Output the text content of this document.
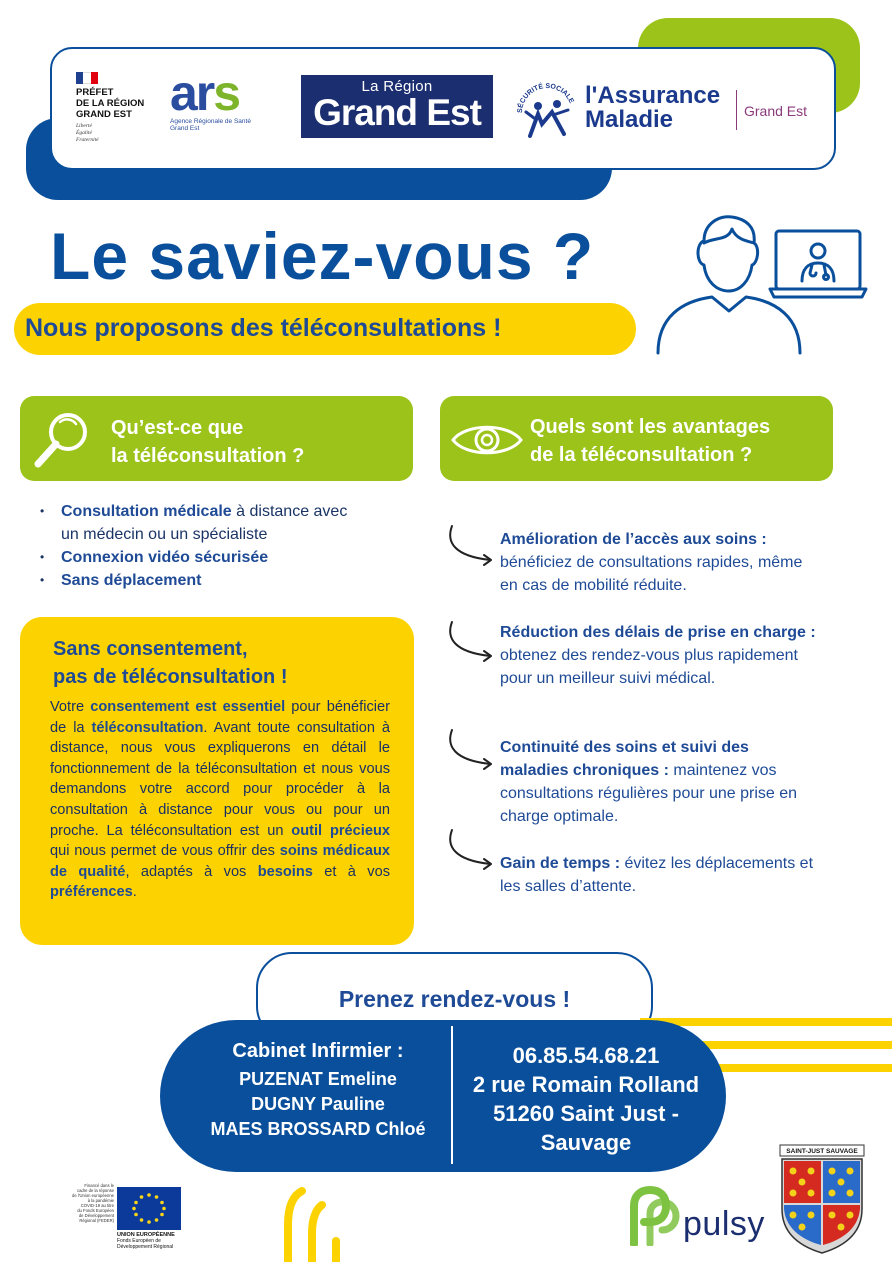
PRÉFET
DE LA RÉGION
GRAND EST
Liberté
Égalité
Fraternité
ars
Agence Régionale de Santé
Grand Est
La Région
Grand Est	SÉCURITÉ SOCIALE l'Assurance
Maladie	Grand Est
Le saviez-vous ?
Nous proposons des téléconsultations !
Qu’est-ce que
la téléconsultation ?
Quels sont les avantages
de la téléconsultation ?
• Consultation médicale à distance avec un médecin ou un spécialiste
• Connexion vidéo sécurisée
• Sans déplacement
Sans consentement,
pas de téléconsultation !
Votre consentement est essentiel pour bénéficier de la téléconsultation. Avant toute consultation à distance, nous vous expliquerons en détail le fonctionnement de la téléconsultation et nous vous demandons votre accord pour procéder à la consultation à distance pour vous ou pour un proche. La téléconsultation est un outil précieux qui nous permet de vous offrir des soins médicaux de qualité, adaptés à vos besoins et à vos préférences.
Amélioration de l’accès aux soins : bénéficiez de consultations rapides, même en cas de mobilité réduite.
Réduction des délais de prise en charge : obtenez des rendez-vous plus rapidement pour un meilleur suivi médical.
Continuité des soins et suivi des maladies chroniques : maintenez vos consultations régulières pour une prise en charge optimale.
Gain de temps : évitez les déplacements et les salles d’attente.
Prenez rendez-vous !
Cabinet Infirmier :
PUZENAT Emeline
DUGNY Pauline
MAES BROSSARD Chloé
06.85.54.68.21
2 rue Romain Rolland
51260 Saint Just -
Sauvage
Financé dans le
cadre de la réponse
de l'Union européenne
à la pandémie
COVID-19 au titre
du Fonds Européen
de Développement
Régional (FEDER)
UNION EUROPÉENNE
Fonds Européen de Développement Régional
pulsy
SAINT-JUST SAUVAGE
